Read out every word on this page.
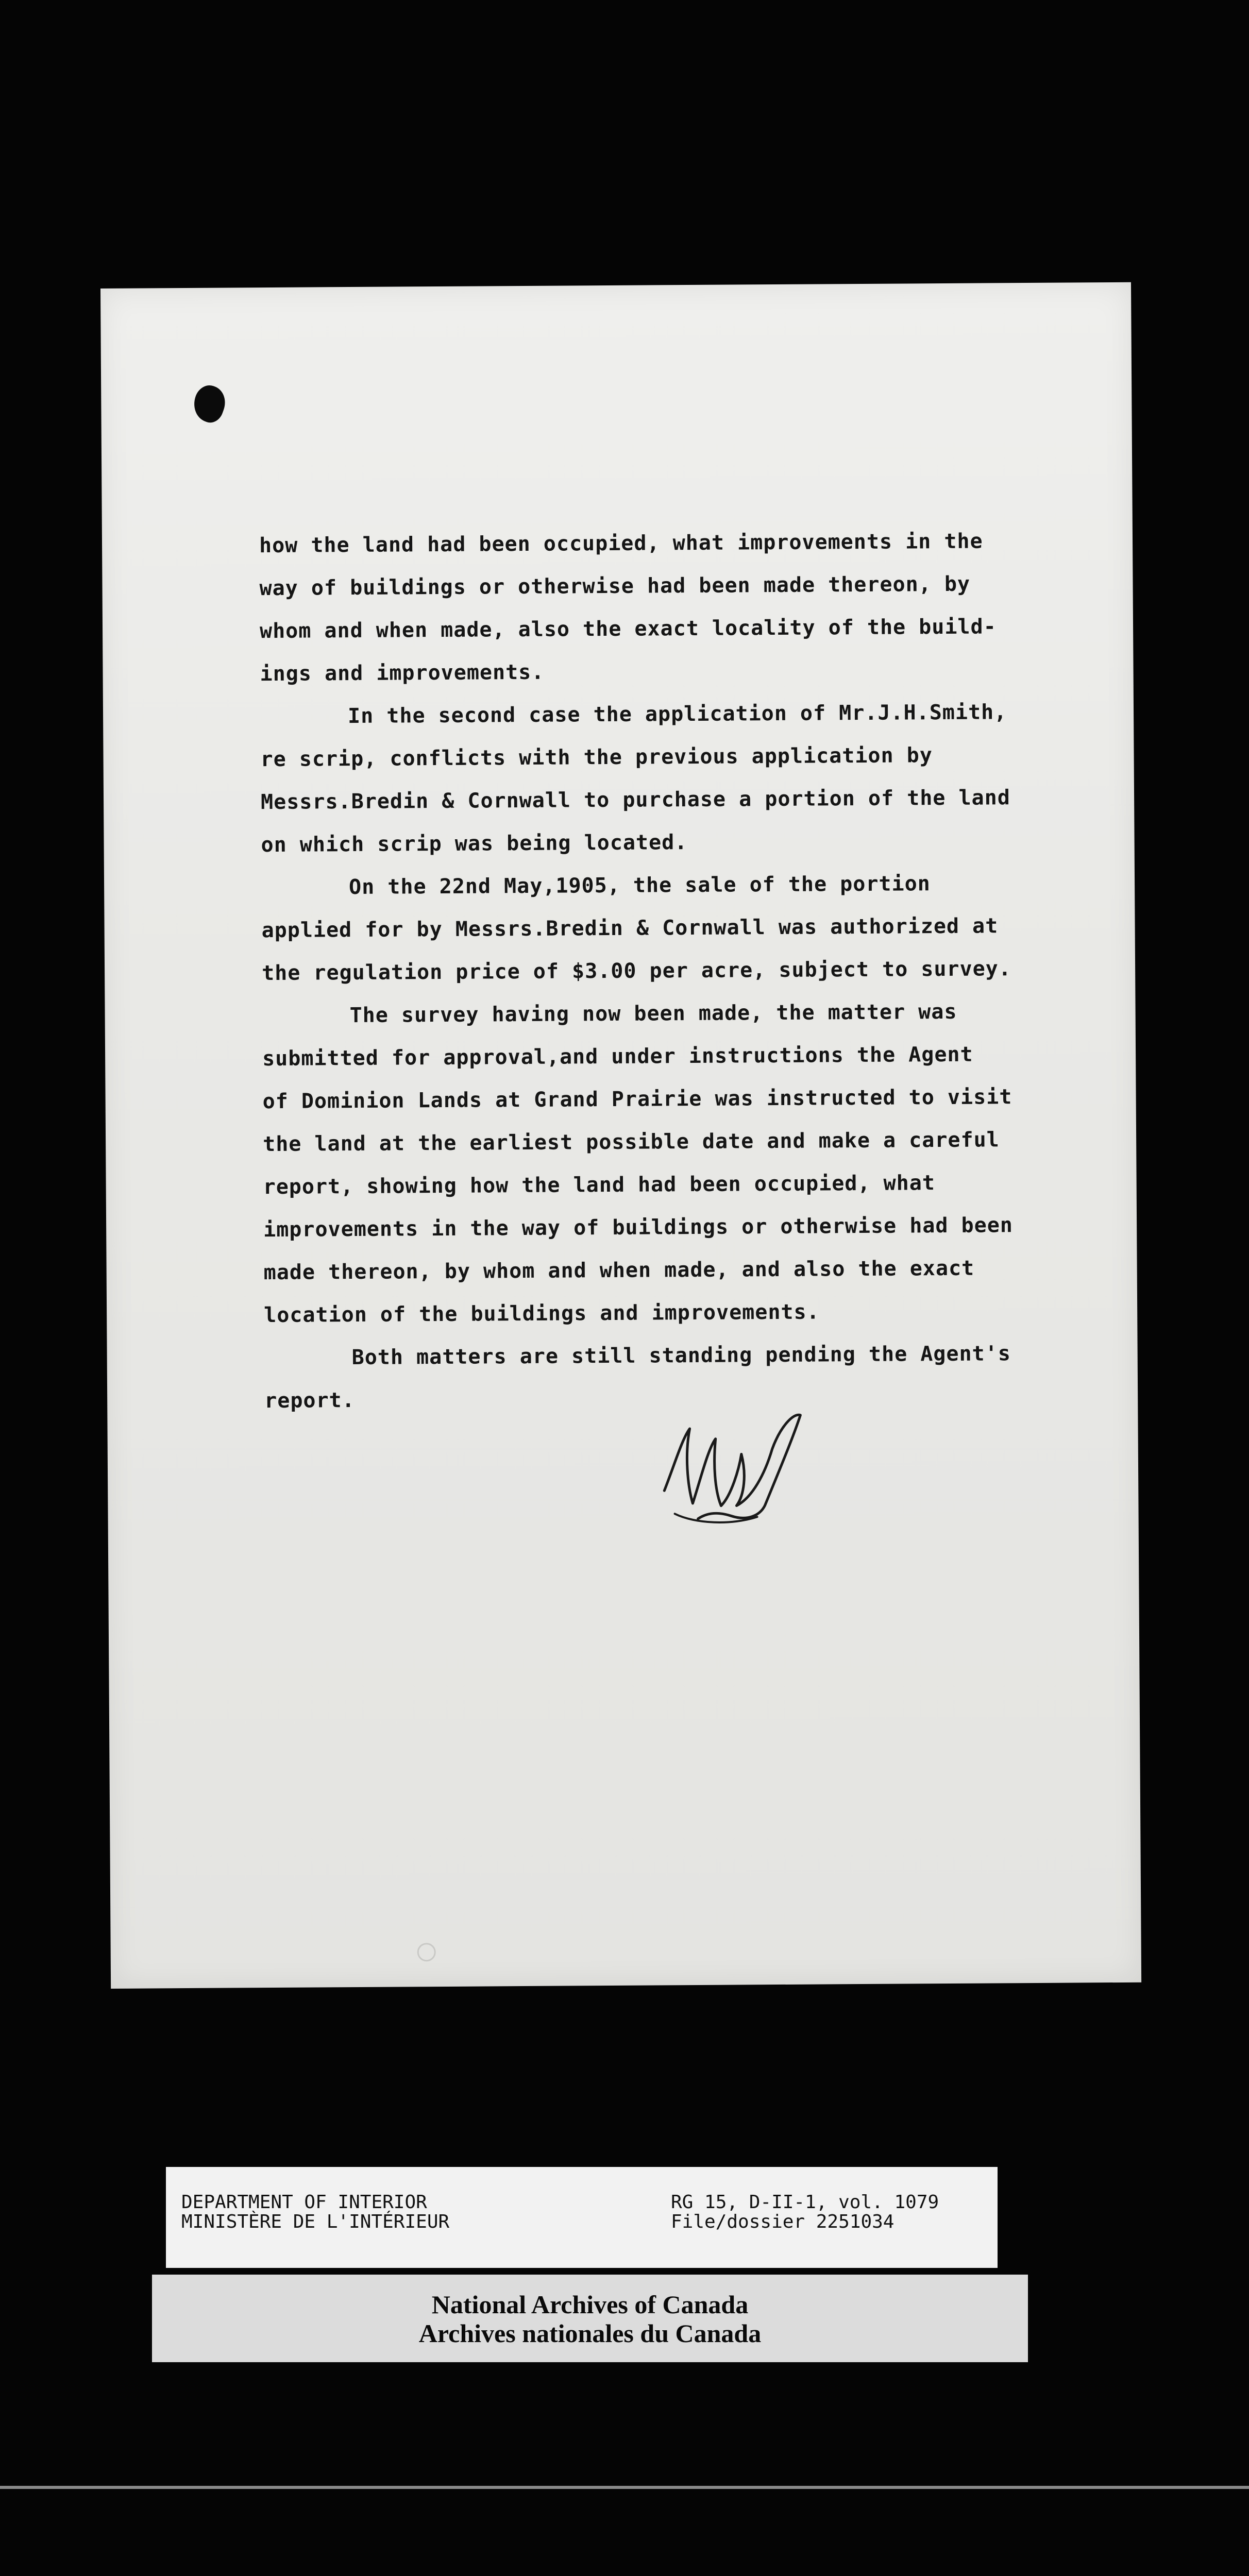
how the land had been occupied, what improvements in the
way of buildings or otherwise had been made thereon, by
whom and when made, also the exact locality of the build-
ings and improvements.
In the second case the application of Mr.J.H.Smith,
re scrip, conflicts with the previous application by
Messrs.Bredin & Cornwall to purchase a portion of the land
on which scrip was being located.
On the 22nd May,1905, the sale of the portion
applied for by Messrs.Bredin & Cornwall was authorized at
the regulation price of $3.00 per acre, subject to survey.
The survey having now been made, the matter was
submitted for approval,and under instructions the Agent
of Dominion Lands at Grand Prairie was instructed to visit
the land at the earliest possible date and make a careful
report, showing how the land had been occupied, what
improvements in the way of buildings or otherwise had been
made thereon, by whom and when made, and also the exact
location of the buildings and improvements.
Both matters are still standing pending the Agent's
report.
DEPARTMENT OF INTERIOR
MINISTÈRE DE L'INTÉRIEUR
RG 15, D-II-1, vol. 1079
File/dossier 2251034
National Archives of Canada
Archives nationales du Canada
